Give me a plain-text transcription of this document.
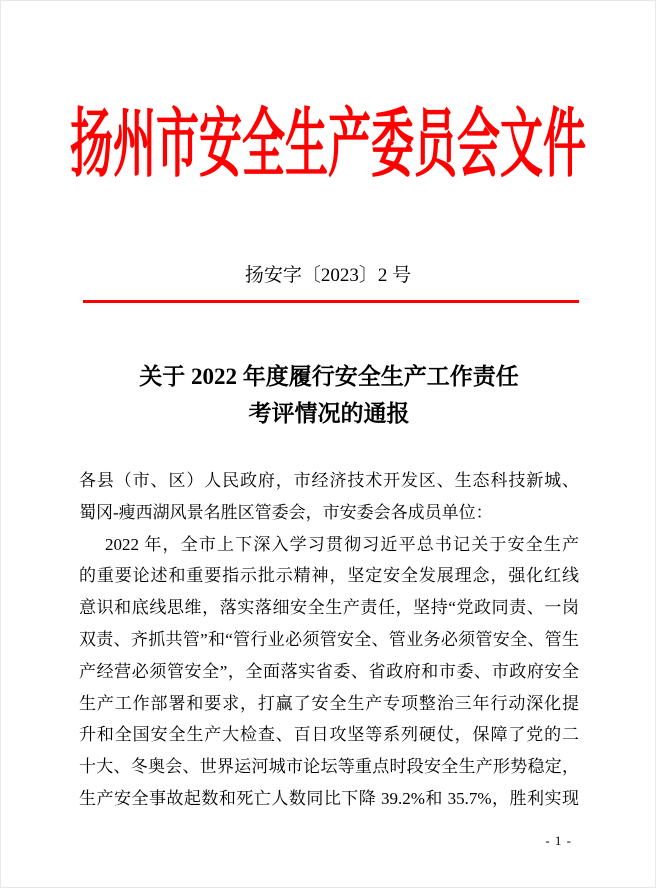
扬州市安全生产委员会文件
扬安字〔2023〕2 号
关于 2022 年度履行安全生产工作责任
考评情况的通报
各县（市、区）人民政府，市经济技术开发区、生态科技新城、
蜀冈-瘦西湖风景名胜区管委会，市安委会各成员单位：
2022 年，全市上下深入学习贯彻习近平总书记关于安全生产
的重要论述和重要指示批示精神，坚定安全发展理念，强化红线
意识和底线思维，落实落细安全生产责任，坚持“党政同责、一岗
双责、齐抓共管”和“管行业必须管安全、管业务必须管安全、管生
产经营必须管安全”，全面落实省委、省政府和市委、市政府安全
生产工作部署和要求，打赢了安全生产专项整治三年行动深化提
升和全国安全生产大检查、百日攻坚等系列硬仗，保障了党的二
十大、冬奥会、世界运河城市论坛等重点时段安全生产形势稳定，
生产安全事故起数和死亡人数同比下降 39.2%和 35.7%，胜利实现
- 1 -
